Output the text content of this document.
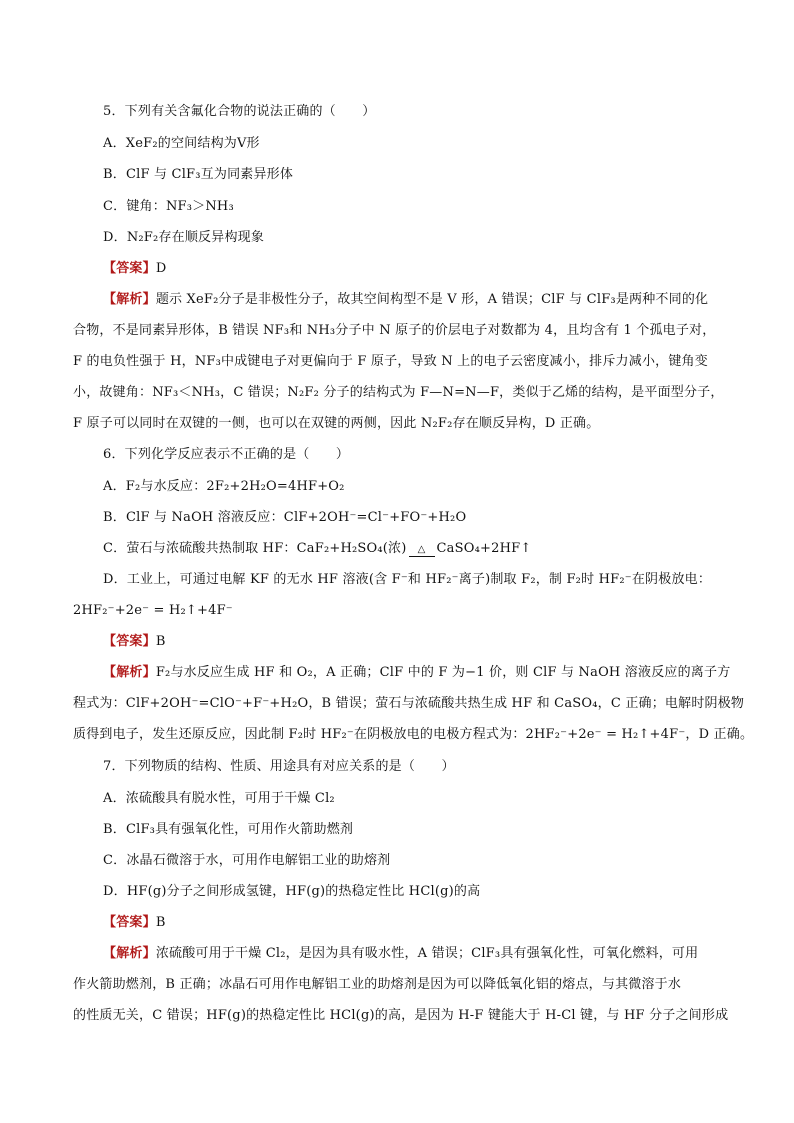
5．下列有关含氟化合物的说法正确的（　　）
A．XeF₂的空间结构为V形
B．ClF 与 ClF₃互为同素异形体
C．键角：NF₃＞NH₃
D．N₂F₂存在顺反异构现象
【答案】D
【解析】题示 XeF₂分子是非极性分子，故其空间构型不是 V 形，A 错误；ClF 与 ClF₃是两种不同的化
合物，不是同素异形体，B 错误 NF₃和 NH₃分子中 N 原子的价层电子对数都为 4，且均含有 1 个孤电子对，
F 的电负性强于 H，NF₃中成键电子对更偏向于 F 原子，导致 N 上的电子云密度减小，排斥力减小，键角变
小，故键角：NF₃＜NH₃，C 错误；N₂F₂ 分子的结构式为 F—N=N—F，类似于乙烯的结构，是平面型分子，
F 原子可以同时在双键的一侧，也可以在双键的两侧，因此 N₂F₂存在顺反异构，D 正确。
6．下列化学反应表示不正确的是（　　）
A．F₂与水反应：2F₂+2H₂O=4HF+O₂
B．ClF 与 NaOH 溶液反应：ClF+2OH⁻=Cl⁻+FO⁻+H₂O
C．萤石与浓硫酸共热制取 HF：CaF₂+H₂SO₄(浓) △ CaSO₄+2HF↑
D．工业上，可通过电解 KF 的无水 HF 溶液(含 F⁻和 HF₂⁻离子)制取 F₂，制 F₂时 HF₂⁻在阴极放电：
2HF₂⁻+2e⁻ = H₂↑+4F⁻
【答案】B
【解析】F₂与水反应生成 HF 和 O₂，A 正确；ClF 中的 F 为−1 价，则 ClF 与 NaOH 溶液反应的离子方
程式为：ClF+2OH⁻=ClO⁻+F⁻+H₂O，B 错误；萤石与浓硫酸共热生成 HF 和 CaSO₄，C 正确；电解时阴极物
质得到电子，发生还原反应，因此制 F₂时 HF₂⁻在阴极放电的电极方程式为：2HF₂⁻+2e⁻ = H₂↑+4F⁻，D 正确。
7．下列物质的结构、性质、用途具有对应关系的是（　　）
A．浓硫酸具有脱水性，可用于干燥 Cl₂
B．ClF₃具有强氧化性，可用作火箭助燃剂
C．冰晶石微溶于水，可用作电解铝工业的助熔剂
D．HF(g)分子之间形成氢键，HF(g)的热稳定性比 HCl(g)的高
【答案】B
【解析】浓硫酸可用于干燥 Cl₂，是因为具有吸水性，A 错误；ClF₃具有强氧化性，可氧化燃料，可用
作火箭助燃剂，B 正确；冰晶石可用作电解铝工业的助熔剂是因为可以降低氧化铝的熔点，与其微溶于水
的性质无关，C 错误；HF(g)的热稳定性比 HCl(g)的高，是因为 H-F 键能大于 H-Cl 键，与 HF 分子之间形成
